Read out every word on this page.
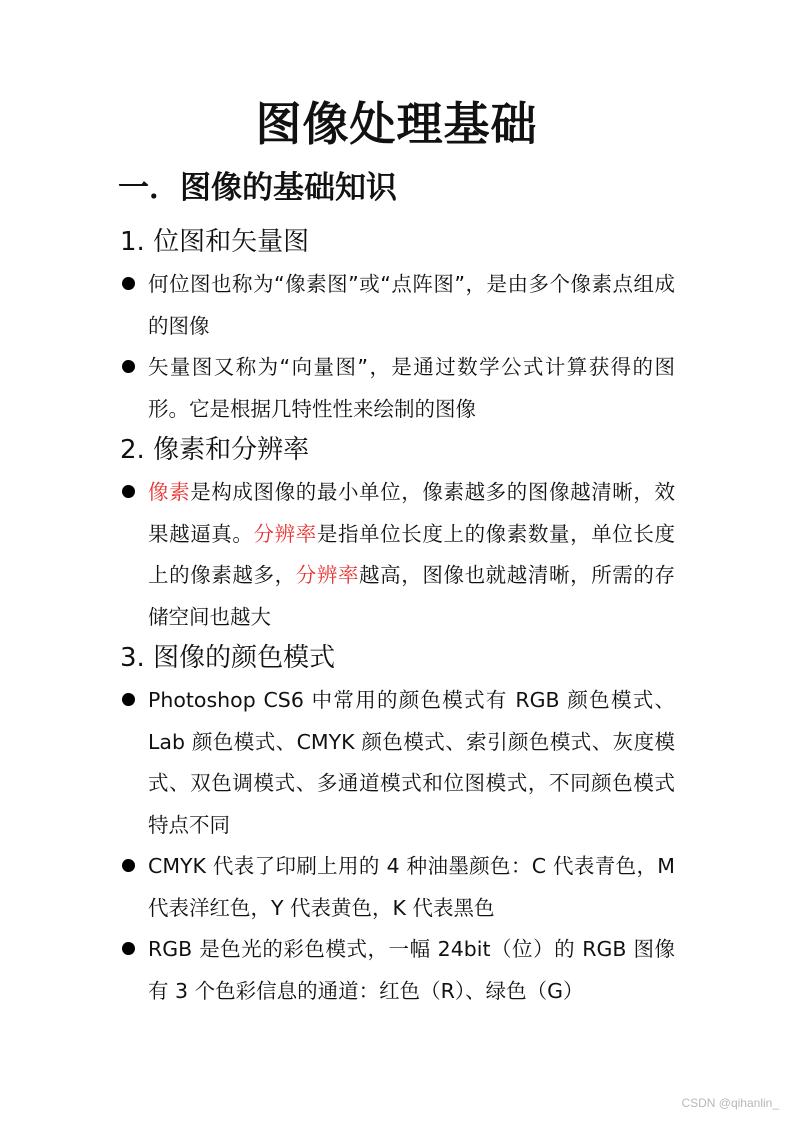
图像处理基础
一．图像的基础知识
1. 位图和矢量图

何位图也称为“像素图”或“点阵图”，是由多个像素点组成的图像

矢量图又称为“向量图”，是通过数学公式计算获得的图形。它是根据几特性性来绘制的图像

2. 像素和分辨率

像素是构成图像的最小单位，像素越多的图像越清晰，效果越逼真。分辨率是指单位长度上的像素数量，单位长度上的像素越多，分辨率越高，图像也就越清晰，所需的存储空间也越大

3. 图像的颜色模式

Photoshop CS6 中常用的颜色模式有 RGB 颜色模式、Lab 颜色模式、CMYK 颜色模式、索引颜色模式、灰度模式、双色调模式、多通道模式和位图模式，不同颜色模式特点不同

CMYK 代表了印刷上用的 4 种油墨颜色：C 代表青色，M 代表洋红色，Y 代表黄色，K 代表黑色

RGB 是色光的彩色模式，一幅 24bit（位）的 RGB 图像有 3 个色彩信息的通道：红色（R）、绿色（G）

CSDN @qihanlin_
